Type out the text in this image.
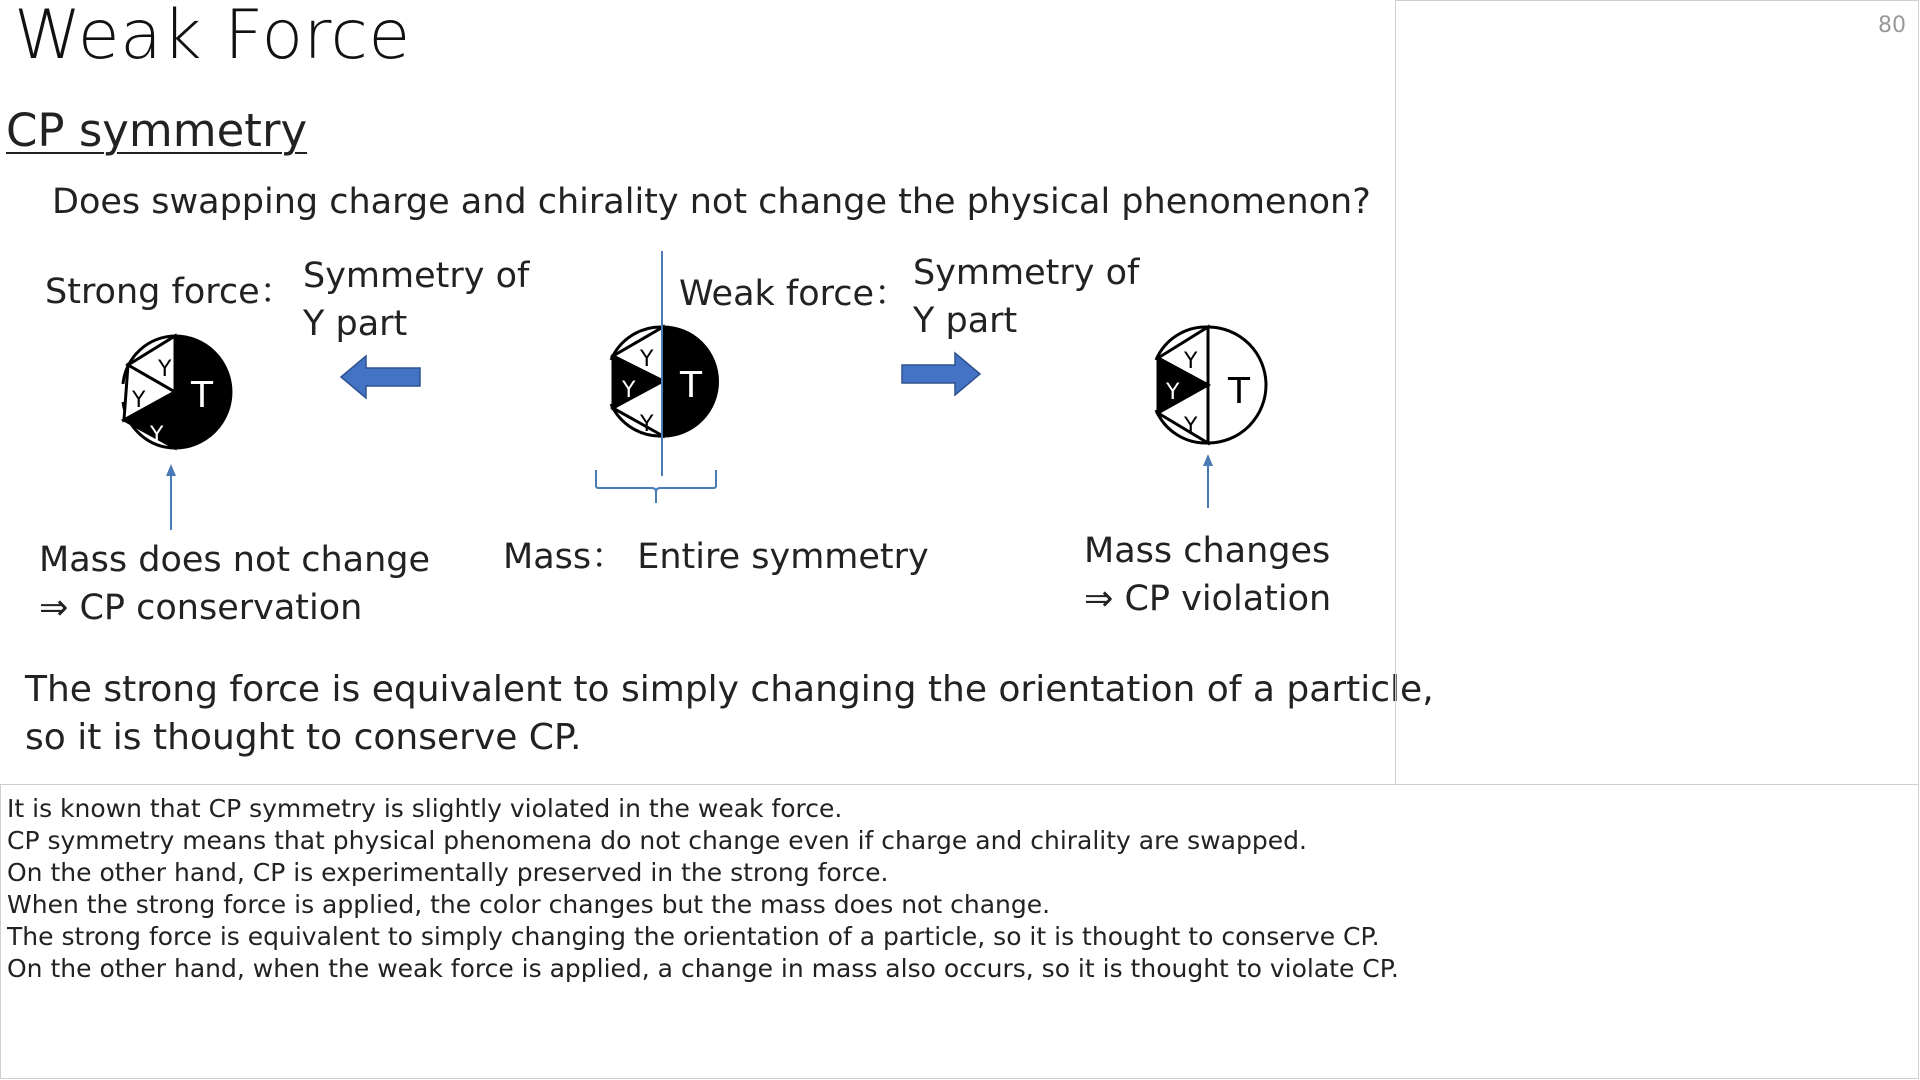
Weak Force
CP symmetry
Does swapping charge and chirality not change the physical phenomenon?
Strong force： Symmetry of
Y part
Mass does not change
⇒ CP conservation
Weak force：
Symmetry of
Y part
Mass changes
⇒ CP violation
Mass： Entire symmetry
The strong force is equivalent to simply changing the orientation of a particle,
so it is thought to conserve CP.
Y
Y
Y
T
Y
Y
Y
T
Y
Y
Y
T
80
It is known that CP symmetry is slightly violated in the weak force.
CP symmetry means that physical phenomena do not change even if charge and chirality are swapped.
On the other hand, CP is experimentally preserved in the strong force.
When the strong force is applied, the color changes but the mass does not change.
The strong force is equivalent to simply changing the orientation of a particle, so it is thought to conserve CP.
On the other hand, when the weak force is applied, a change in mass also occurs, so it is thought to violate CP.
